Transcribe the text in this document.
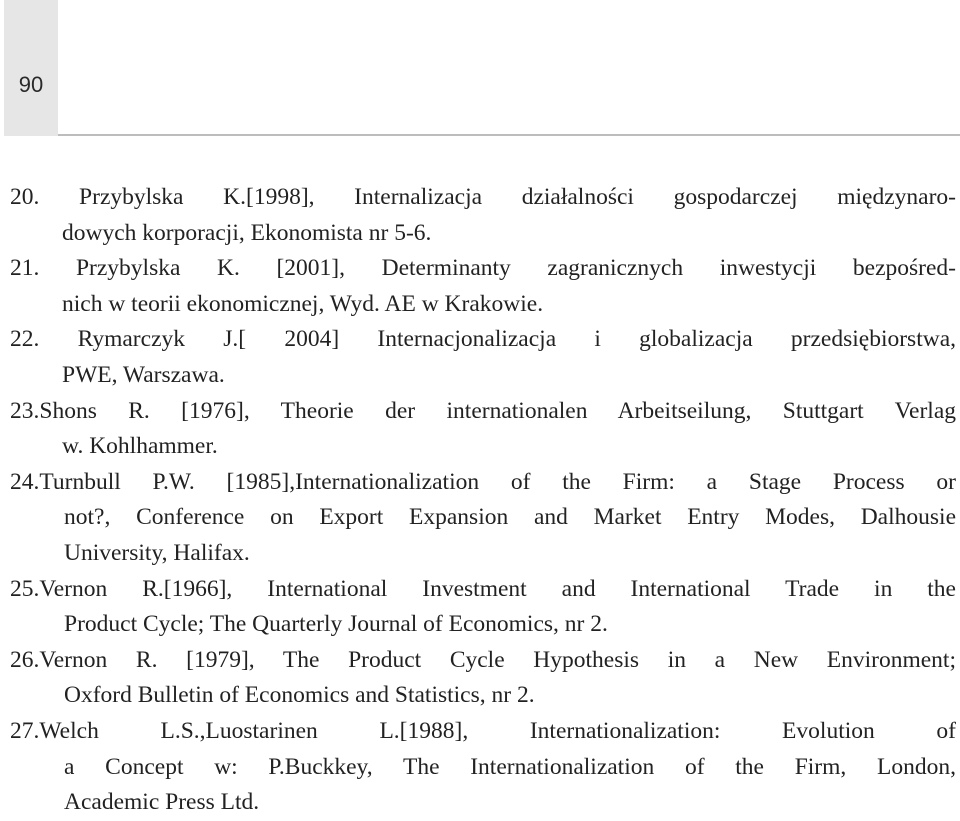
90
20. Przybylska K.[1998], Internalizacja działalności gospodarczej międzynaro-
dowych korporacji, Ekonomista nr 5-6.
21. Przybylska K. [2001], Determinanty zagranicznych inwestycji bezpośred-
nich w teorii ekonomicznej, Wyd. AE w Krakowie.
22. Rymarczyk J.[ 2004] Internacjonalizacja i globalizacja przedsiębiorstwa,
PWE, Warszawa.
23.Shons R. [1976], Theorie der internationalen Arbeitseilung, Stuttgart Verlag
w. Kohlhammer.
24.Turnbull P.W. [1985],Internationalization of the Firm: a Stage Process or
not?, Conference on Export Expansion and Market Entry Modes, Dalhousie
University, Halifax.
25.Vernon R.[1966], International Investment and International Trade in the
Product Cycle; The Quarterly Journal of Economics, nr 2.
26.Vernon R. [1979], The Product Cycle Hypothesis in a New Environment;
Oxford Bulletin of Economics and Statistics, nr 2.
27.Welch L.S.,Luostarinen L.[1988], Internationalization: Evolution of
a Concept w: P.Buckkey, The Internationalization of the Firm, London,
Academic Press Ltd.
